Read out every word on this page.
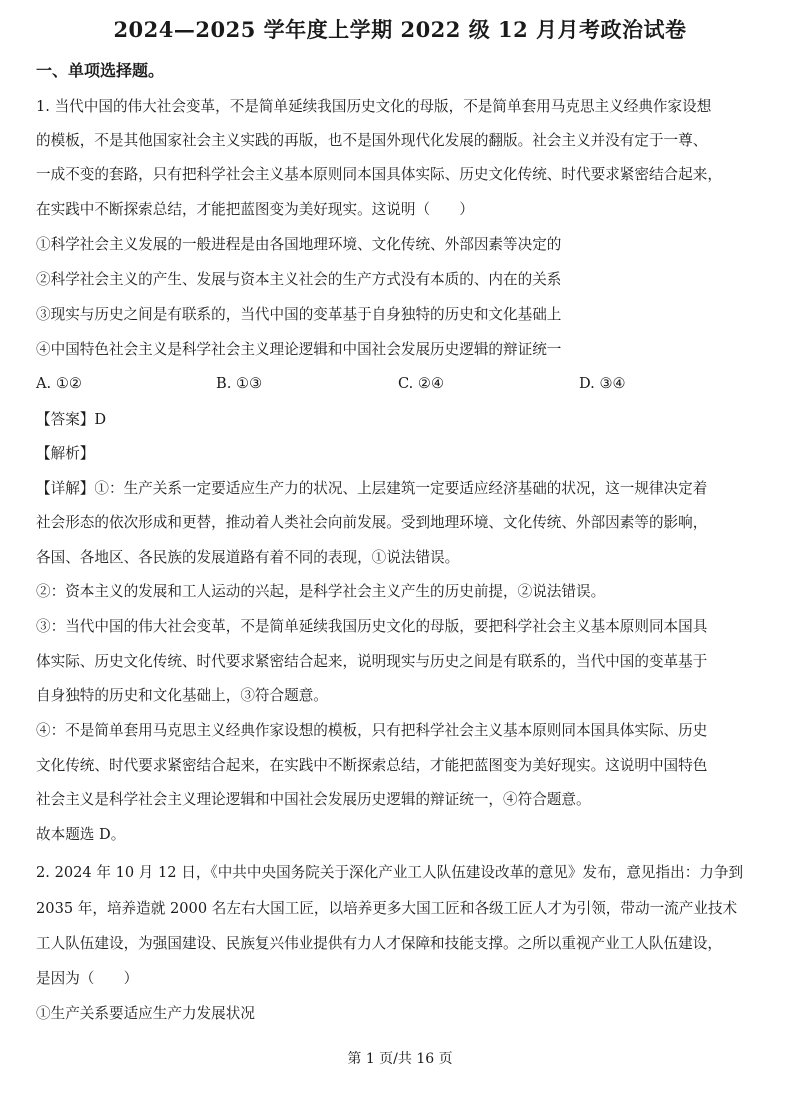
2024—2025 学年度上学期 2022 级 12 月月考政治试卷
一、单项选择题。
1. 当代中国的伟大社会变革，不是简单延续我国历史文化的母版，不是简单套用马克思主义经典作家设想
的模板，不是其他国家社会主义实践的再版，也不是国外现代化发展的翻版。社会主义并没有定于一尊、
一成不变的套路，只有把科学社会主义基本原则同本国具体实际、历史文化传统、时代要求紧密结合起来，
在实践中不断探索总结，才能把蓝图变为美好现实。这说明（　　）
①科学社会主义发展的一般进程是由各国地理环境、文化传统、外部因素等决定的
②科学社会主义的产生、发展与资本主义社会的生产方式没有本质的、内在的关系
③现实与历史之间是有联系的，当代中国的变革基于自身独特的历史和文化基础上
④中国特色社会主义是科学社会主义理论逻辑和中国社会发展历史逻辑的辩证统一
A. ①②	B. ①③	C. ②④	D. ③④
【答案】D
【解析】
【详解】①：生产关系一定要适应生产力的状况、上层建筑一定要适应经济基础的状况，这一规律决定着
社会形态的依次形成和更替，推动着人类社会向前发展。受到地理环境、文化传统、外部因素等的影响，
各国、各地区、各民族的发展道路有着不同的表现，①说法错误。
②：资本主义的发展和工人运动的兴起，是科学社会主义产生的历史前提，②说法错误。
③：当代中国的伟大社会变革，不是简单延续我国历史文化的母版，要把科学社会主义基本原则同本国具
体实际、历史文化传统、时代要求紧密结合起来，说明现实与历史之间是有联系的，当代中国的变革基于
自身独特的历史和文化基础上，③符合题意。
④：不是简单套用马克思主义经典作家设想的模板，只有把科学社会主义基本原则同本国具体实际、历史
文化传统、时代要求紧密结合起来，在实践中不断探索总结，才能把蓝图变为美好现实。这说明中国特色
社会主义是科学社会主义理论逻辑和中国社会发展历史逻辑的辩证统一，④符合题意。
故本题选 D。
2. 2024 年 10 月 12 日，《中共中央国务院关于深化产业工人队伍建设改革的意见》发布，意见指出：力争到
2035 年，培养造就 2000 名左右大国工匠，以培养更多大国工匠和各级工匠人才为引领，带动一流产业技术
工人队伍建设，为强国建设、民族复兴伟业提供有力人才保障和技能支撑。之所以重视产业工人队伍建设，
是因为（　　）
①生产关系要适应生产力发展状况
第 1 页/共 16 页
